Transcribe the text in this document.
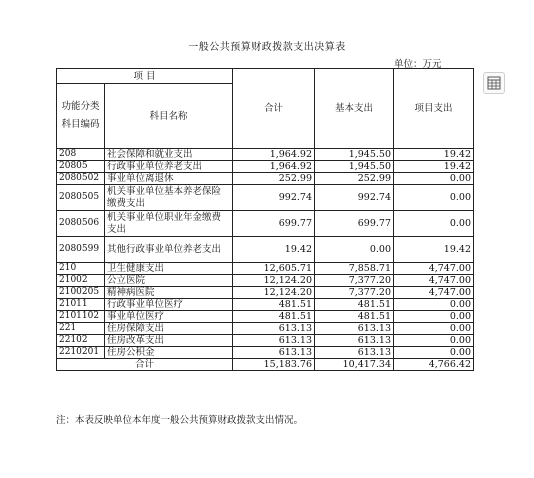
一般公共预算财政拨款支出决算表
单位：万元
项 目		合计	基本支出	项目支出
功能分类
科目编码	科目名称			
208	社会保障和就业支出	1,964.92	1,945.50	19.42
20805	行政事业单位养老支出	1,964.92	1,945.50	19.42
2080502	事业单位离退休	252.99	252.99	0.00
2080505	机关事业单位基本养老保险缴费支出	992.74	992.74	0.00
2080506	机关事业单位职业年金缴费支出	699.77	699.77	0.00
2080599	其他行政事业单位养老支出	19.42	0.00	19.42
210	卫生健康支出	12,605.71	7,858.71	4,747.00
21002	公立医院	12,124.20	7,377.20	4,747.00
2100205	精神病医院	12,124.20	7,377.20	4,747.00
21011	行政事业单位医疗	481.51	481.51	0.00
2101102	事业单位医疗	481.51	481.51	0.00
221	住房保障支出	613.13	613.13	0.00
22102	住房改革支出	613.13	613.13	0.00
2210201	住房公积金	613.13	613.13	0.00
合计		15,183.76	10,417.34	4,766.42
注：本表反映单位本年度一般公共预算财政拨款支出情况。
